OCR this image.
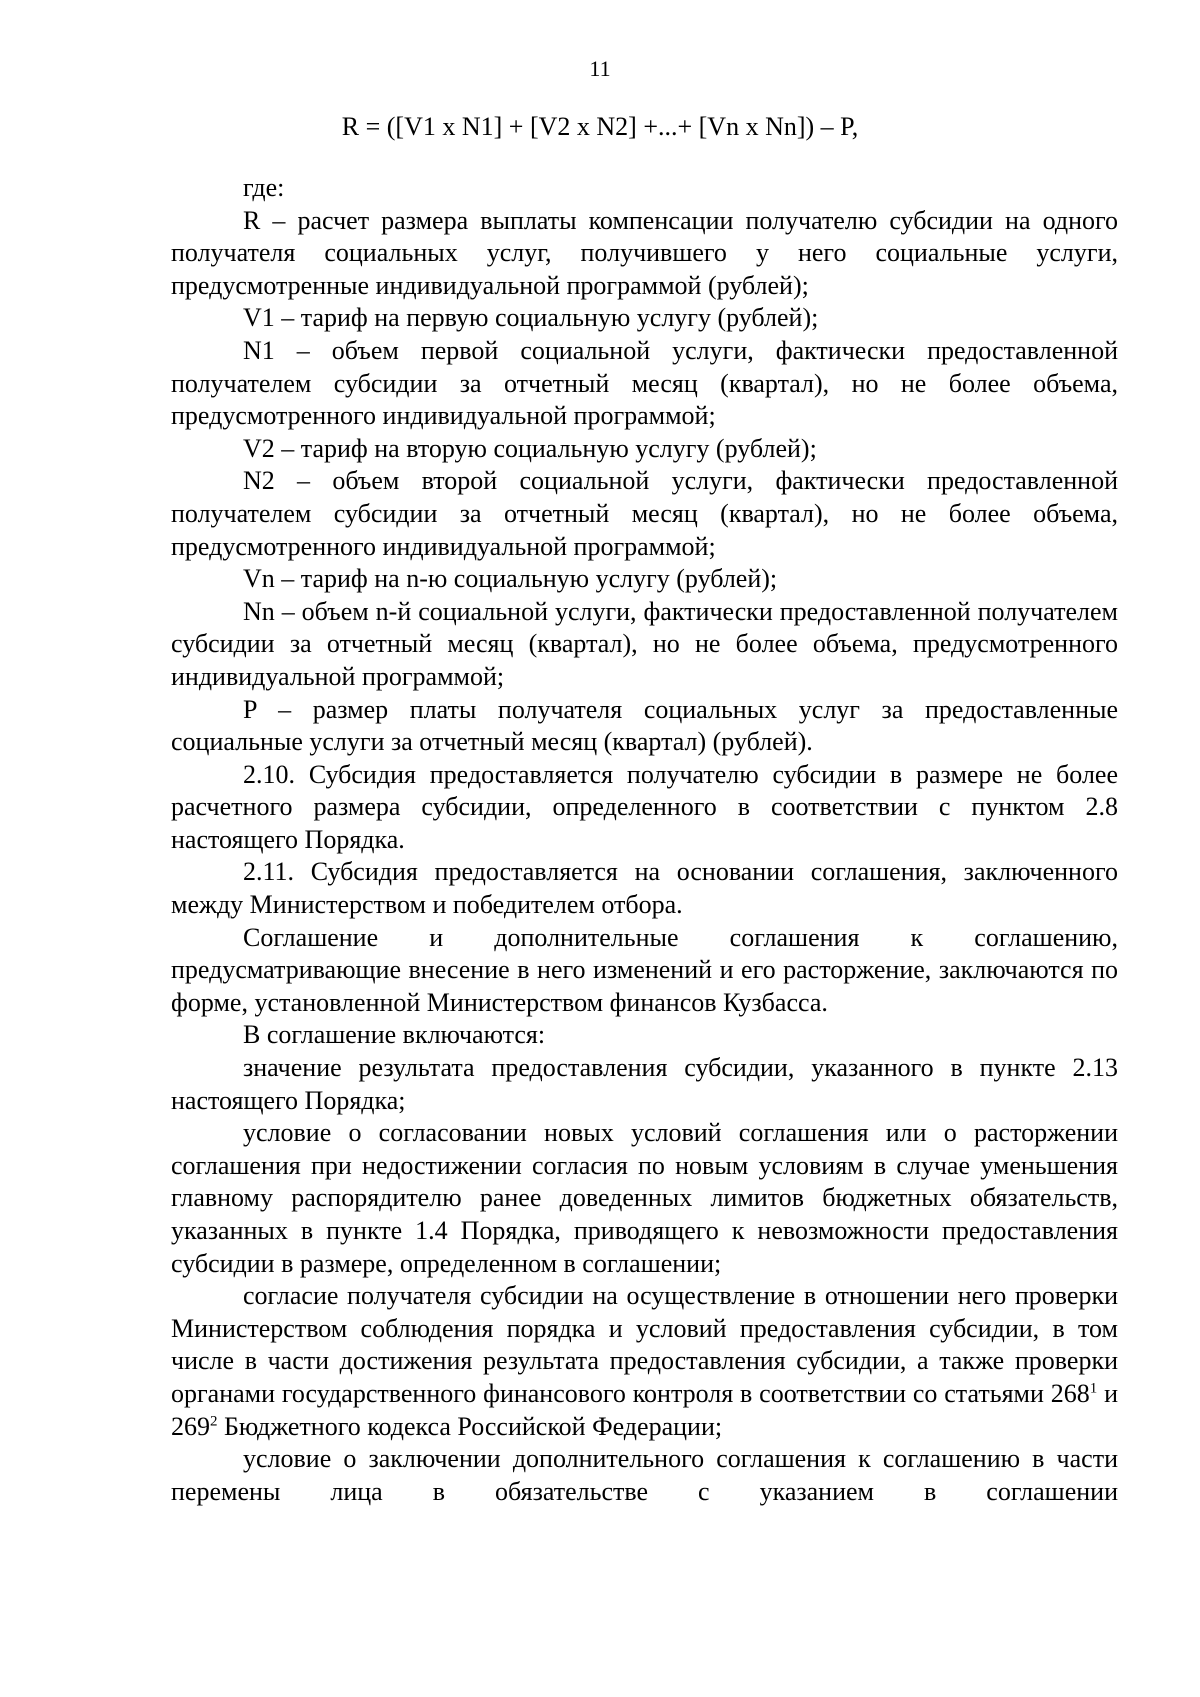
11
R = ([V1 x N1] + [V2 x N2] +...+ [Vn x Nn]) – P,

где:

R – расчет размера выплаты компенсации получателю субсидии на одного получателя социальных услуг, получившего у него социальные услуги, предусмотренные индивидуальной программой (рублей);

V1 – тариф на первую социальную услугу (рублей);

N1 – объем первой социальной услуги, фактически предоставленной получателем субсидии за отчетный месяц (квартал), но не более объема, предусмотренного индивидуальной программой;

V2 – тариф на вторую социальную услугу (рублей);

N2 – объем второй социальной услуги, фактически предоставленной получателем субсидии за отчетный месяц (квартал), но не более объема, предусмотренного индивидуальной программой;

Vn – тариф на n-ю социальную услугу (рублей);

Nn – объем n-й социальной услуги, фактически предоставленной получателем субсидии за отчетный месяц (квартал), но не более объема, предусмотренного индивидуальной программой;

P – размер платы получателя социальных услуг за предоставленные социальные услуги за отчетный месяц (квартал) (рублей).

2.10. Субсидия предоставляется получателю субсидии в размере не более расчетного размера субсидии, определенного в соответствии с пунктом 2.8 настоящего Порядка.

2.11. Субсидия предоставляется на основании соглашения, заключенного между Министерством и победителем отбора.

Соглашение и дополнительные соглашения к соглашению, предусматривающие внесение в него изменений и его расторжение, заключаются по форме, установленной Министерством финансов Кузбасса.

В соглашение включаются:

значение результата предоставления субсидии, указанного в пункте 2.13 настоящего Порядка;

условие о согласовании новых условий соглашения или о расторжении соглашения при недостижении согласия по новым условиям в случае уменьшения главному распорядителю ранее доведенных лимитов бюджетных обязательств, указанных в пункте 1.4 Порядка, приводящего к невозможности предоставления субсидии в размере, определенном в соглашении;

согласие получателя субсидии на осуществление в отношении него проверки Министерством соблюдения порядка и условий предоставления субсидии, в том числе в части достижения результата предоставления субсидии, а также проверки органами государственного финансового контроля в соответствии со статьями $268^1$ и $269^2$ Бюджетного кодекса Российской Федерации;

условие о заключении дополнительного соглашения к соглашению в части перемены лица в обязательстве с указанием в соглашении
